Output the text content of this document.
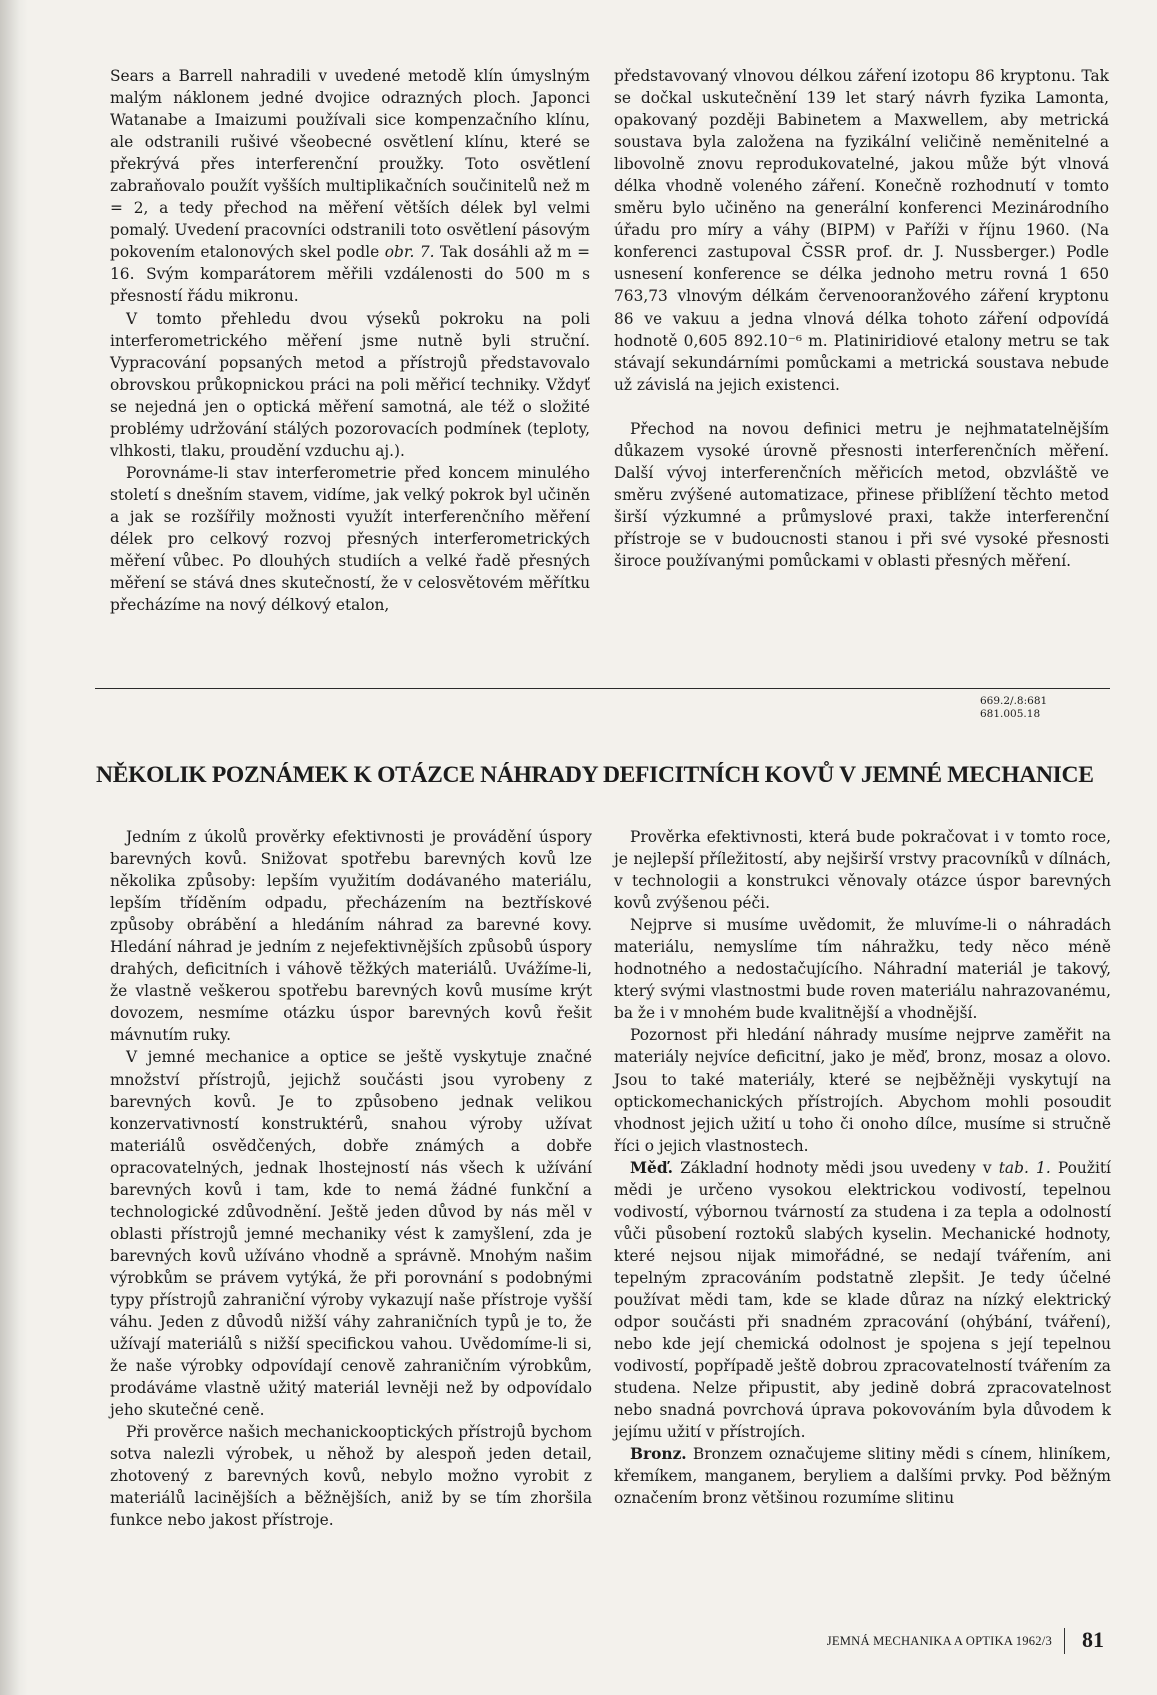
Sears a Barrell nahradili v uvedené metodě klín úmyslným malým náklonem jedné dvojice odrazných ploch. Japonci Watanabe a Imaizumi používali sice kompenzačního klínu, ale odstranili rušivé všeobecné osvětlení klínu, které se překrývá přes interferenční proužky. Toto osvětlení zabraňovalo použít vyšších multiplikačních součinitelů než m = 2, a tedy přechod na měření větších délek byl velmi pomalý. Uvedení pracovníci odstranili toto osvětlení pásovým pokovením etalonových skel podle obr. 7. Tak dosáhli až m = 16. Svým komparátorem měřili vzdálenosti do 500 m s přesností řádu mikronu.

V tomto přehledu dvou výseků pokroku na poli interferometrického měření jsme nutně byli struční. Vypracování popsaných metod a přístrojů představovalo obrovskou průkopnickou práci na poli měřicí techniky. Vždyť se nejedná jen o optická měření samotná, ale též o složité problémy udržování stálých pozorovacích podmínek (teploty, vlhkosti, tlaku, proudění vzduchu aj.).

Porovnáme-li stav interferometrie před koncem minulého století s dnešním stavem, vidíme, jak velký pokrok byl učiněn a jak se rozšířily možnosti využít interferenčního měření délek pro celkový rozvoj přesných interferometrických měření vůbec. Po dlouhých studiích a velké řadě přesných měření se stává dnes skutečností, že v celosvětovém měřítku přecházíme na nový délkový etalon,

představovaný vlnovou délkou záření izotopu 86 kryptonu. Tak se dočkal uskutečnění 139 let starý návrh fyzika Lamonta, opakovaný později Babinetem a Maxwellem, aby metrická soustava byla založena na fyzikální veličině neměnitelné a libovolně znovu reprodukovatelné, jakou může být vlnová délka vhodně voleného záření. Konečně rozhodnutí v tomto směru bylo učiněno na generální konferenci Mezinárodního úřadu pro míry a váhy (BIPM) v Paříži v říjnu 1960. (Na konferenci zastupoval ČSSR prof. dr. J. Nussberger.) Podle usnesení konference se délka jednoho metru rovná 1 650 763,73 vlnovým délkám červenooranžového záření kryptonu 86 ve vakuu a jedna vlnová délka tohoto záření odpovídá hodnotě 0,605 892.10⁻⁶ m. Platiniridiové etalony metru se tak stávají sekundárními pomůckami a metrická soustava nebude už závislá na jejich existenci.

Přechod na novou definici metru je nejhmatatelnějším důkazem vysoké úrovně přesnosti interferenčních měření. Další vývoj interferenčních měřicích metod, obzvláště ve směru zvýšené automatizace, přinese přiblížení těchto metod širší výzkumné a průmyslové praxi, takže interferenční přístroje se v budoucnosti stanou i při své vysoké přesnosti široce používanými pomůckami v oblasti přesných měření.

669.2/.8:681
681.005.18
NĚKOLIK POZNÁMEK K OTÁZCE NÁHRADY DEFICITNÍCH KOVŮ V JEMNÉ MECHANICE

Jedním z úkolů prověrky efektivnosti je provádění úspory barevných kovů. Snižovat spotřebu barevných kovů lze několika způsoby: lepším využitím dodávaného materiálu, lepším tříděním odpadu, přecházením na beztřískové způsoby obrábění a hledáním náhrad za barevné kovy. Hledání náhrad je jedním z nejefektivnějších způsobů úspory drahých, deficitních i váhově těžkých materiálů. Uvážíme-li, že vlastně veškerou spotřebu barevných kovů musíme krýt dovozem, nesmíme otázku úspor barevných kovů řešit mávnutím ruky.

V jemné mechanice a optice se ještě vyskytuje značné množství přístrojů, jejichž součásti jsou vyrobeny z barevných kovů. Je to způsobeno jednak velikou konzervativností konstruktérů, snahou výroby užívat materiálů osvědčených, dobře známých a dobře opracovatelných, jednak lhostejností nás všech k užívání barevných kovů i tam, kde to nemá žádné funkční a technologické zdůvodnění. Ještě jeden důvod by nás měl v oblasti přístrojů jemné mechaniky vést k zamyšlení, zda je barevných kovů užíváno vhodně a správně. Mnohým našim výrobkům se právem vytýká, že při porovnání s podobnými typy přístrojů zahraniční výroby vykazují naše přístroje vyšší váhu. Jeden z důvodů nižší váhy zahraničních typů je to, že užívají materiálů s nižší specifickou vahou. Uvědomíme-li si, že naše výrobky odpovídají cenově zahraničním výrobkům, prodáváme vlastně užitý materiál levněji než by odpovídalo jeho skutečné ceně.

Při prověrce našich mechanickooptických přístrojů bychom sotva nalezli výrobek, u něhož by alespoň jeden detail, zhotovený z barevných kovů, nebylo možno vyrobit z materiálů lacinějších a běžnějších, aniž by se tím zhoršila funkce nebo jakost přístroje.

Prověrka efektivnosti, která bude pokračovat i v tomto roce, je nejlepší příležitostí, aby nejširší vrstvy pracovníků v dílnách, v technologii a konstrukci věnovaly otázce úspor barevných kovů zvýšenou péči.

Nejprve si musíme uvědomit, že mluvíme-li o náhradách materiálu, nemyslíme tím náhražku, tedy něco méně hodnotného a nedostačujícího. Náhradní materiál je takový, který svými vlastnostmi bude roven materiálu nahrazovanému, ba že i v mnohém bude kvalitnější a vhodnější.

Pozornost při hledání náhrady musíme nejprve zaměřit na materiály nejvíce deficitní, jako je měď, bronz, mosaz a olovo. Jsou to také materiály, které se nejběžněji vyskytují na optickomechanických přístrojích. Abychom mohli posoudit vhodnost jejich užití u toho či onoho dílce, musíme si stručně říci o jejich vlastnostech.

Měď. Základní hodnoty mědi jsou uvedeny v tab. 1. Použití mědi je určeno vysokou elektrickou vodivostí, tepelnou vodivostí, výbornou tvárností za studena i za tepla a odolností vůči působení roztoků slabých kyselin. Mechanické hodnoty, které nejsou nijak mimořádné, se nedají tvářením, ani tepelným zpracováním podstatně zlepšit. Je tedy účelné používat mědi tam, kde se klade důraz na nízký elektrický odpor součásti při snadném zpracování (ohýbání, tváření), nebo kde její chemická odolnost je spojena s její tepelnou vodivostí, popřípadě ještě dobrou zpracovatelností tvářením za studena. Nelze připustit, aby jedině dobrá zpracovatelnost nebo snadná povrchová úprava pokovováním byla důvodem k jejímu užití v přístrojích.

Bronz. Bronzem označujeme slitiny mědi s cínem, hliníkem, křemíkem, manganem, beryliem a dalšími prvky. Pod běžným označením bronz většinou rozumíme slitinu

JEMNÁ MECHANIKA A OPTIKA 1962/3 81
